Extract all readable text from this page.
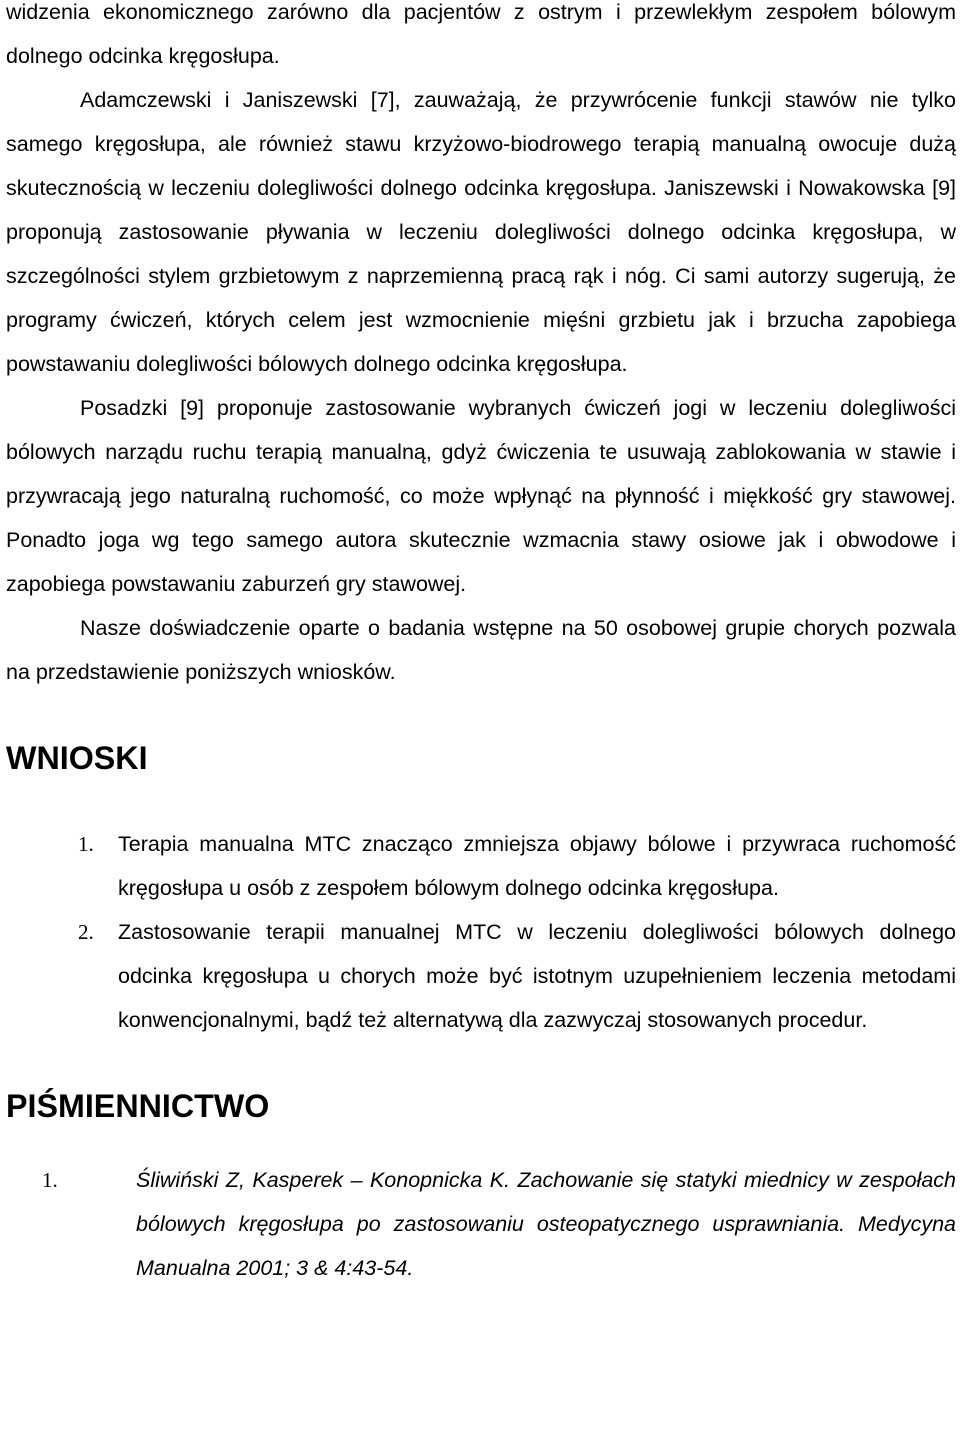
widzenia ekonomicznego zarówno dla pacjentów z ostrym i przewlekłym zespołem bólowym dolnego odcinka kręgosłupa.

Adamczewski i Janiszewski [7], zauważają, że przywrócenie funkcji stawów nie tylko samego kręgosłupa, ale również stawu krzyżowo-biodrowego terapią manualną owocuje dużą skutecznością w leczeniu dolegliwości dolnego odcinka kręgosłupa. Janiszewski i Nowakowska [9] proponują zastosowanie pływania w leczeniu dolegliwości dolnego odcinka kręgosłupa, w szczególności stylem grzbietowym z naprzemienną pracą rąk i nóg. Ci sami autorzy sugerują, że programy ćwiczeń, których celem jest wzmocnienie mięśni grzbietu jak i brzucha zapobiega powstawaniu dolegliwości bólowych dolnego odcinka kręgosłupa.

Posadzki [9] proponuje zastosowanie wybranych ćwiczeń jogi w leczeniu dolegliwości bólowych narządu ruchu terapią manualną, gdyż ćwiczenia te usuwają zablokowania w stawie i przywracają jego naturalną ruchomość, co może wpłynąć na płynność i miękkość gry stawowej. Ponadto joga wg tego samego autora skutecznie wzmacnia stawy osiowe jak i obwodowe i zapobiega powstawaniu zaburzeń gry stawowej.

Nasze doświadczenie oparte o badania wstępne na 50 osobowej grupie chorych pozwala na przedstawienie poniższych wniosków.

WNIOSKI
1. Terapia manualna MTC znacząco zmniejsza objawy bólowe i przywraca ruchomość kręgosłupa u osób z zespołem bólowym dolnego odcinka kręgosłupa.
2. Zastosowanie terapii manualnej MTC w leczeniu dolegliwości bólowych dolnego odcinka kręgosłupa u chorych może być istotnym uzupełnieniem leczenia metodami konwencjonalnymi, bądź też alternatywą dla zazwyczaj stosowanych procedur.
PIŚMIENNICTWO
1.	Śliwiński Z, Kasperek – Konopnicka K. Zachowanie się statyki miednicy w zespołach bólowych kręgosłupa po zastosowaniu osteopatycznego usprawniania. Medycyna Manualna 2001; 3 & 4:43-54.
